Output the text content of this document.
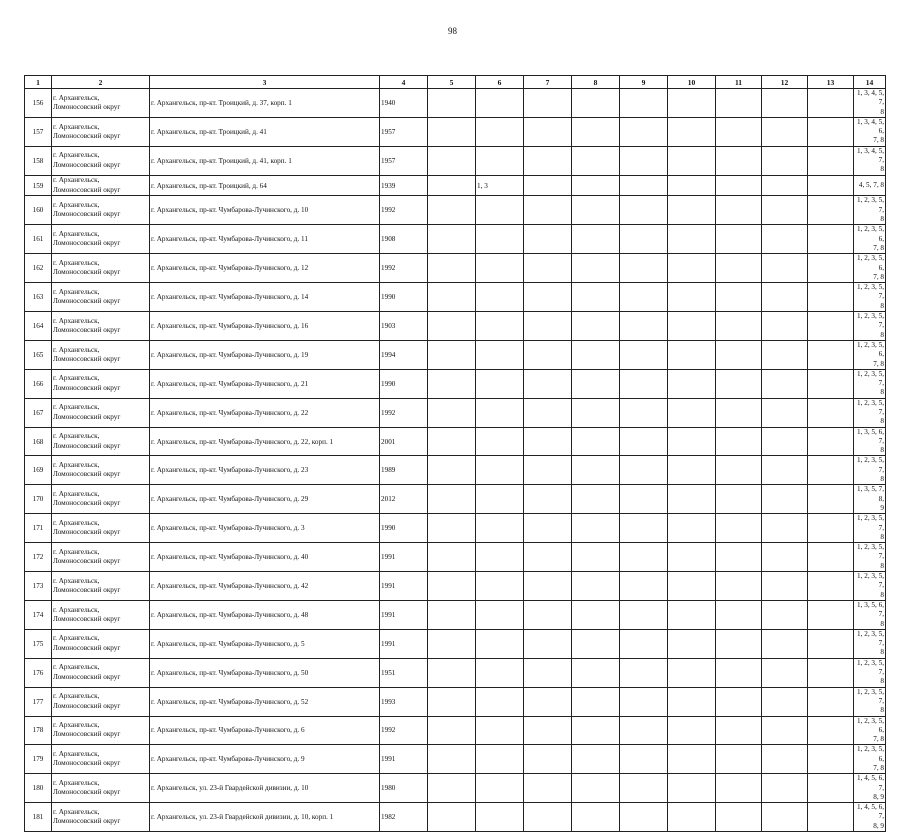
98
1	2	3	4	5	6	7	8	9	10	11	12	13	14
156	г. Архангельск,
Ломоносовский округ	г. Архангельск, пр-кт. Троицкий, д. 37, корп. 1	1940										1, 3, 4, 5, 7,
8
157	г. Архангельск,
Ломоносовский округ	г. Архангельск, пр-кт. Троицкий, д. 41	1957										1, 3, 4, 5, 6,
7, 8
158	г. Архангельск,
Ломоносовский округ	г. Архангельск, пр-кт. Троицкий, д. 41, корп. 1	1957										1, 3, 4, 5, 7,
8
159	г. Архангельск,
Ломоносовский округ	г. Архангельск, пр-кт. Троицкий, д. 64	1939		1, 3								4, 5, 7, 8
160	г. Архангельск,
Ломоносовский округ	г. Архангельск, пр-кт. Чумбарова-Лучинского, д. 10	1992										1, 2, 3, 5, 7,
8
161	г. Архангельск,
Ломоносовский округ	г. Архангельск, пр-кт. Чумбарова-Лучинского, д. 11	1908										1, 2, 3, 5, 6,
7, 8
162	г. Архангельск,
Ломоносовский округ	г. Архангельск, пр-кт. Чумбарова-Лучинского, д. 12	1992										1, 2, 3, 5, 6,
7, 8
163	г. Архангельск,
Ломоносовский округ	г. Архангельск, пр-кт. Чумбарова-Лучинского, д. 14	1990										1, 2, 3, 5, 7,
8
164	г. Архангельск,
Ломоносовский округ	г. Архангельск, пр-кт. Чумбарова-Лучинского, д. 16	1903										1, 2, 3, 5, 7,
8
165	г. Архангельск,
Ломоносовский округ	г. Архангельск, пр-кт. Чумбарова-Лучинского, д. 19	1994										1, 2, 3, 5, 6,
7, 8
166	г. Архангельск,
Ломоносовский округ	г. Архангельск, пр-кт. Чумбарова-Лучинского, д. 21	1990										1, 2, 3, 5, 7,
8
167	г. Архангельск,
Ломоносовский округ	г. Архангельск, пр-кт. Чумбарова-Лучинского, д. 22	1992										1, 2, 3, 5, 7,
8
168	г. Архангельск,
Ломоносовский округ	г. Архангельск, пр-кт. Чумбарова-Лучинского, д. 22, корп. 1	2001										1, 3, 5, 6, 7,
8
169	г. Архангельск,
Ломоносовский округ	г. Архангельск, пр-кт. Чумбарова-Лучинского, д. 23	1989										1, 2, 3, 5, 7,
8
170	г. Архангельск,
Ломоносовский округ	г. Архангельск, пр-кт. Чумбарова-Лучинского, д. 29	2012										1, 3, 5, 7, 8,
9
171	г. Архангельск,
Ломоносовский округ	г. Архангельск, пр-кт. Чумбарова-Лучинского, д. 3	1990										1, 2, 3, 5, 7,
8
172	г. Архангельск,
Ломоносовский округ	г. Архангельск, пр-кт. Чумбарова-Лучинского, д. 40	1991										1, 2, 3, 5, 7,
8
173	г. Архангельск,
Ломоносовский округ	г. Архангельск, пр-кт. Чумбарова-Лучинского, д. 42	1991										1, 2, 3, 5, 7,
8
174	г. Архангельск,
Ломоносовский округ	г. Архангельск, пр-кт. Чумбарова-Лучинского, д. 48	1991										1, 3, 5, 6, 7,
8
175	г. Архангельск,
Ломоносовский округ	г. Архангельск, пр-кт. Чумбарова-Лучинского, д. 5	1991										1, 2, 3, 5, 7,
8
176	г. Архангельск,
Ломоносовский округ	г. Архангельск, пр-кт. Чумбарова-Лучинского, д. 50	1951										1, 2, 3, 5, 7,
8
177	г. Архангельск,
Ломоносовский округ	г. Архангельск, пр-кт. Чумбарова-Лучинского, д. 52	1993										1, 2, 3, 5, 7,
8
178	г. Архангельск,
Ломоносовский округ	г. Архангельск, пр-кт. Чумбарова-Лучинского, д. 6	1992										1, 2, 3, 5, 6,
7, 8
179	г. Архангельск,
Ломоносовский округ	г. Архангельск, пр-кт. Чумбарова-Лучинского, д. 9	1991										1, 2, 3, 5, 6,
7, 8
180	г. Архангельск,
Ломоносовский округ	г. Архангельск, ул. 23-й Гвардейской дивизии, д. 10	1980										1, 4, 5, 6, 7,
8, 9
181	г. Архангельск,
Ломоносовский округ	г. Архангельск, ул. 23-й Гвардейской дивизии, д. 10, корп. 1	1982										1, 4, 5, 6, 7,
8, 9
